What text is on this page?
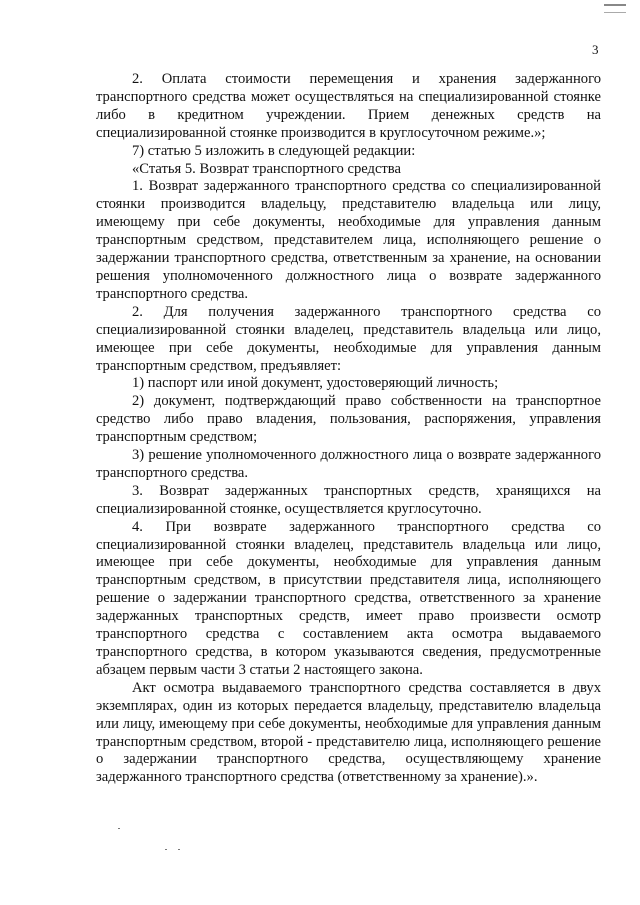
3

2. Оплата стоимости перемещения и хранения задержанного транспортного средства может осуществляться на специализированной стоянке либо в кредитном учреждении. Прием денежных средств на специализированной стоянке производится в круглосуточном режиме.»;

7) статью 5 изложить в следующей редакции:

«Статья 5. Возврат транспортного средства

1. Возврат задержанного транспортного средства со специализированной стоянки производится владельцу, представителю владельца или лицу, имеющему при себе документы, необходимые для управления данным транспортным средством, представителем лица, исполняющего решение о задержании транспортного средства, ответственным за хранение, на основании решения уполномоченного должностного лица о возврате задержанного транспортного средства.

2. Для получения задержанного транспортного средства со специализированной стоянки владелец, представитель владельца или лицо, имеющее при себе документы, необходимые для управления данным транспортным средством, предъявляет:

1) паспорт или иной документ, удостоверяющий личность;

2) документ, подтверждающий право собственности на транспортное средство либо право владения, пользования, распоряжения, управления транспортным средством;

3) решение уполномоченного должностного лица о возврате задержанного транспортного средства.

3. Возврат задержанных транспортных средств, хранящихся на специализированной стоянке, осуществляется круглосуточно.

4. При возврате задержанного транспортного средства со специализированной стоянки владелец, представитель владельца или лицо, имеющее при себе документы, необходимые для управления данным транспортным средством, в присутствии представителя лица, исполняющего решение о задержании транспортного средства, ответственного за хранение задержанных транспортных средств, имеет право произвести осмотр транспортного средства с составлением акта осмотра выдаваемого транспортного средства, в котором указываются сведения, предусмотренные абзацем первым части 3 статьи 2 настоящего закона.

Акт осмотра выдаваемого транспортного средства составляется в двух экземплярах, один из которых передается владельцу, представителю владельца или лицу, имеющему при себе документы, необходимые для управления данным транспортным средством, второй - представителю лица, исполняющего решение о задержании транспортного средства, осуществляющему хранение задержанного транспортного средства (ответственному за хранение).».
